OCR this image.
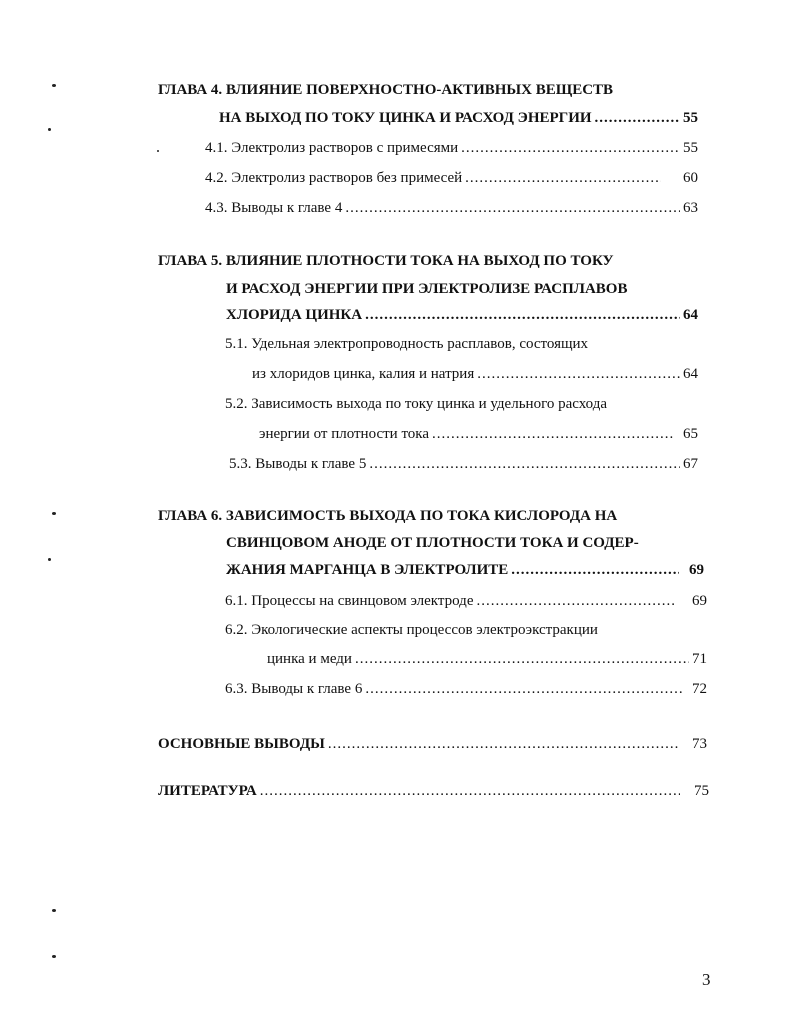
ГЛАВА 4. ВЛИЯНИЕ ПОВЕРХНОСТНО-АКТИВНЫХ ВЕЩЕСТВ
НА ВЫХОД ПО ТОКУ ЦИНКА И РАСХОД ЭНЕРГИИ .....	55
4.1. Электролиз растворов с примесями .....	55
4.2. Электролиз растворов без примесей .....	60
4.3. Выводы к главе 4 .....	63
ГЛАВА 5. ВЛИЯНИЕ ПЛОТНОСТИ ТОКА НА ВЫХОД ПО ТОКУ
И РАСХОД ЭНЕРГИИ ПРИ ЭЛЕКТРОЛИЗЕ РАСПЛАВОВ
ХЛОРИДА ЦИНКА .....	64
5.1. Удельная электропроводность расплавов, состоящих
из хлоридов цинка, калия и натрия .....	64
5.2. Зависимость выхода по току цинка и удельного расхода
энергии от плотности тока .....	65
5.3. Выводы к главе 5 .....	67
ГЛАВА 6. ЗАВИСИМОСТЬ ВЫХОДА ПО ТОКА КИСЛОРОДА НА
СВИНЦОВОМ АНОДЕ ОТ ПЛОТНОСТИ ТОКА И СОДЕР-
ЖАНИЯ МАРГАНЦА В ЭЛЕКТРОЛИТЕ .....	69
6.1. Процессы на свинцовом электроде .....	69
6.2. Экологические аспекты процессов электроэкстракции
цинка и меди .....	71
6.3. Выводы к главе 6 .....	72
ОСНОВНЫЕ ВЫВОДЫ .....	73
ЛИТЕРАТУРА .....	75
3
